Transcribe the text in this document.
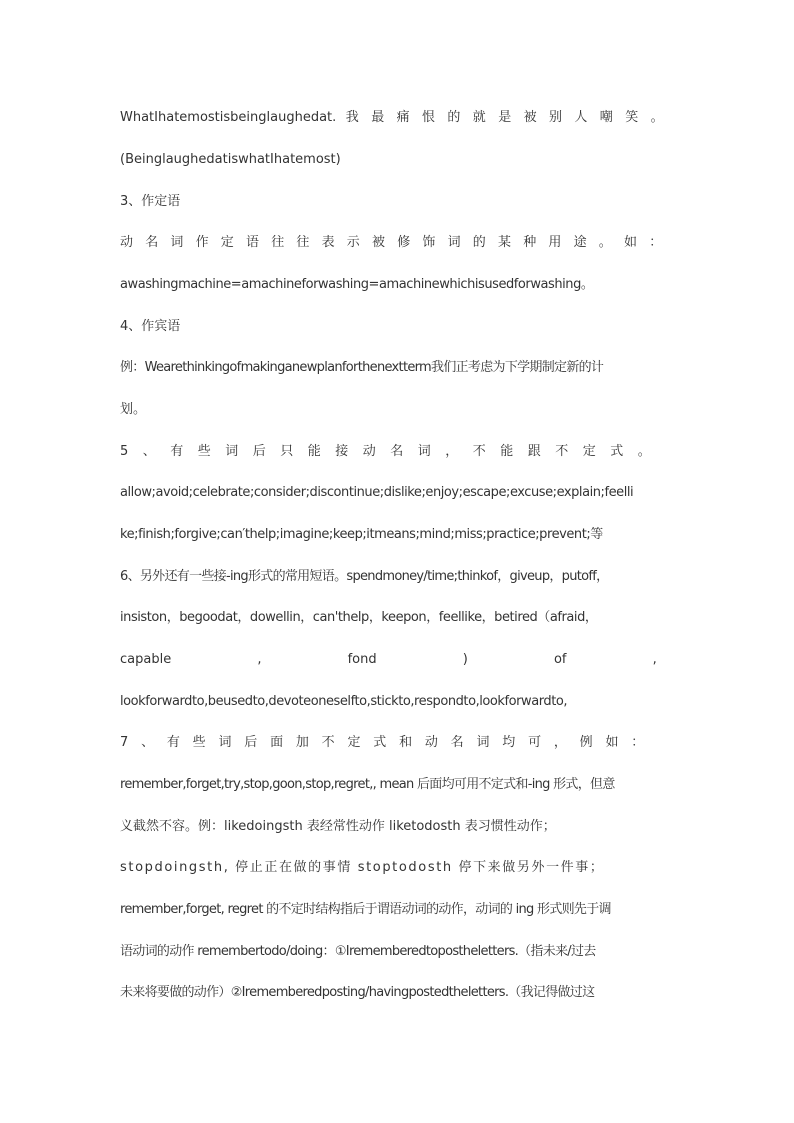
WhatIhatemostisbeinglaughedat. 我最痛恨的就是被别人嘲笑。
(BeinglaughedatiswhatIhatemost)
3、作定语
动名词作定语往往表示被修饰词的某种用途。如：
awashingmachine=amachineforwashing=amachinewhichisusedforwashing。
4、作宾语
例：Wearethinkingofmakinganewplanforthenextterm我们正考虑为下学期制定新的计
划。
5、有些词后只能接动名词，不能跟不定式。
allow;avoid;celebrate;consider;discontinue;dislike;enjoy;escape;excuse;explain;feelli
ke;finish;forgive;can′thelp;imagine;keep;itmeans;mind;miss;practice;prevent;等
6、另外还有一些接-ing形式的常用短语。spendmoney/time;thinkof，giveup，putoff，
insiston，begoodat，dowellin，can'thelp，keepon，feellike，betired（afraid，
capable , fond ) of ,
lookforwardto,beusedto,devoteoneselfto,stickto,respondto,lookforwardto,
7、有些词后面加不定式和动名词均可，例如：
remember,forget,try,stop,goon,stop,regret,, mean 后面均可用不定式和-ing 形式，但意
义截然不容。例：likedoingsth 表经常性动作 liketodosth 表习惯性动作；
stopdoingsth, 停止正在做的事情 stoptodosth 停下来做另外一件事；
remember,forget, regret 的不定时结构指后于谓语动词的动作，动词的 ing 形式则先于调
语动词的动作 remembertodo/doing：①Irememberedtopostheletters.（指未来/过去
未来将要做的动作）②Irememberedposting/havingpostedtheletters.（我记得做过这
